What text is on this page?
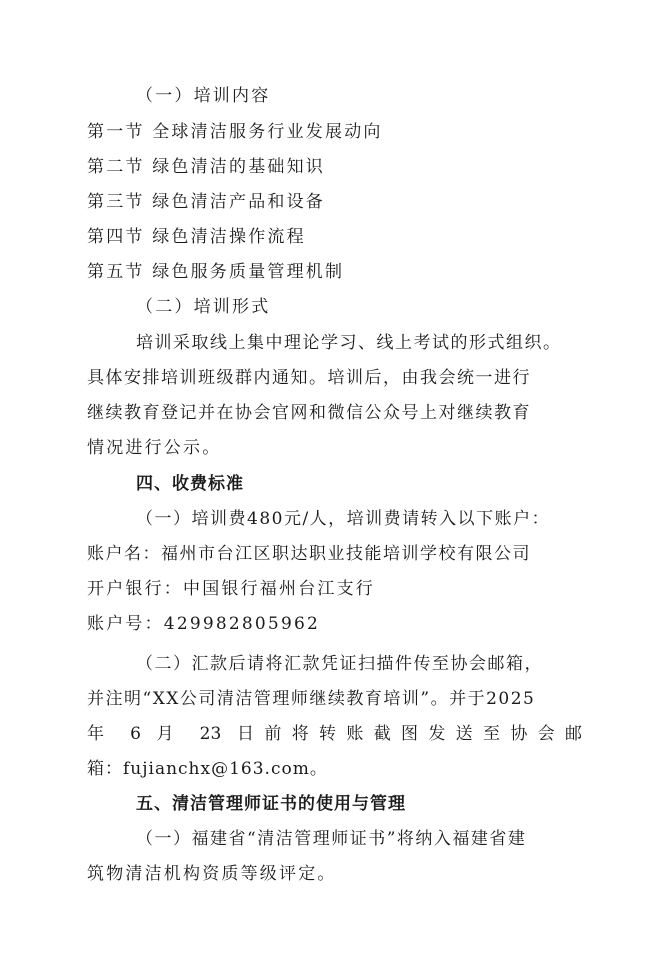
（一）培训内容

第一节 全球清洁服务行业发展动向

第二节 绿色清洁的基础知识

第三节 绿色清洁产品和设备

第四节 绿色清洁操作流程

第五节 绿色服务质量管理机制

（二）培训形式

培训采取线上集中理论学习、线上考试的形式组织。

具体安排培训班级群内通知。培训后，由我会统一进行

继续教育登记并在协会官网和微信公众号上对继续教育

情况进行公示。

四、收费标准

（一）培训费480元/人，培训费请转入以下账户：

账户名：福州市台江区职达职业技能培训学校有限公司

开户银行：中国银行福州台江支行

账户号：429982805962

（二）汇款后请将汇款凭证扫描件传至协会邮箱，

并注明“XX公司清洁管理师继续教育培训”。并于2025

年 6 月 23 日前将转账截图发送至协会邮

箱：fujianchx@163.com。

五、清洁管理师证书的使用与管理

（一）福建省“清洁管理师证书”将纳入福建省建

筑物清洁机构资质等级评定。
